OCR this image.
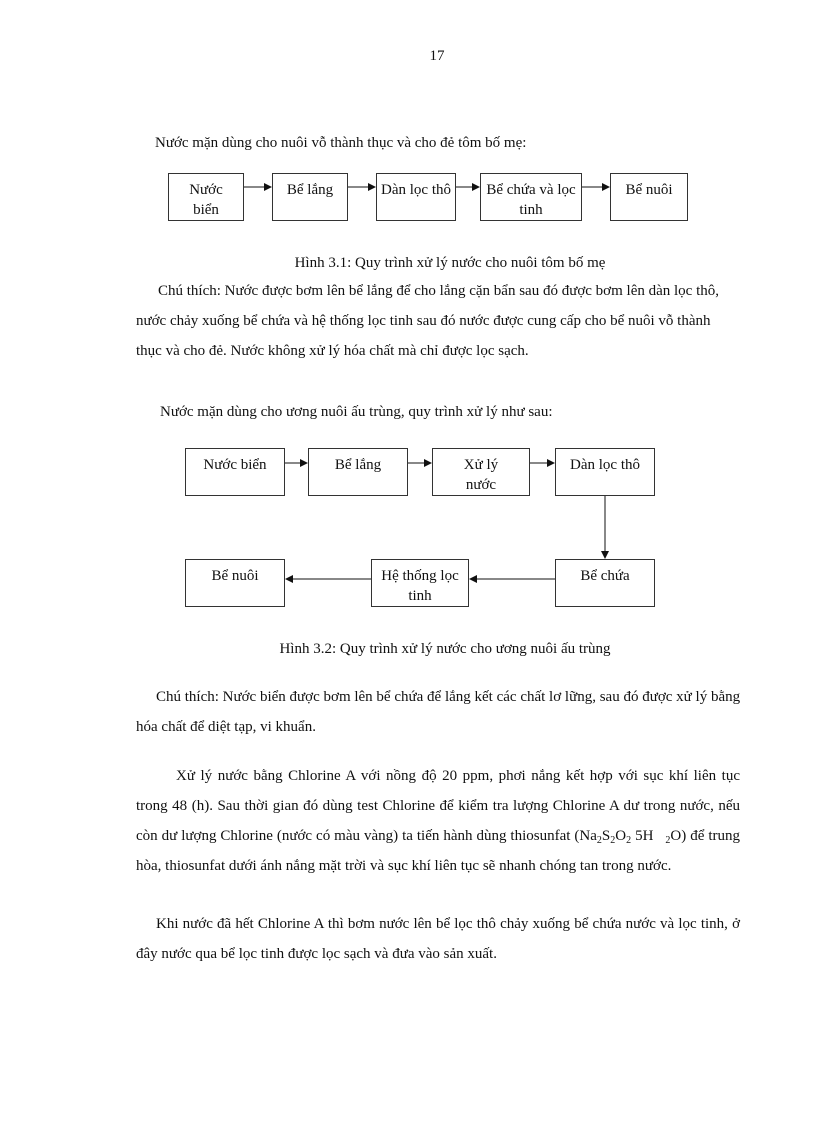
17

Nước mặn dùng cho nuôi vỗ thành thục và cho đẻ tôm bố mẹ:

Nước biển
Bể lắng	Dàn lọc thô Bể chứa và lọc tinh
Bể nuôi
Hình 3.1: Quy trình xử lý nước cho nuôi tôm bố mẹ

Chú thích: Nước được bơm lên bể lắng để cho lắng cặn bẩn sau đó được bơm lên dàn lọc thô, nước chảy xuống bể chứa và hệ thống lọc tinh sau đó nước được cung cấp cho bể nuôi vỗ thành thục và cho đẻ. Nước không xử lý hóa chất mà chỉ được lọc sạch.

Nước mặn dùng cho ương nuôi ấu trùng, quy trình xử lý như sau:

Nước biển	Bể lắng	Xử lý nước
Dàn lọc thô
Bể nuôi	Hệ thống lọc tinh
Bể chứa
Hình 3.2: Quy trình xử lý nước cho ương nuôi ấu trùng

Chú thích: Nước biển được bơm lên bể chứa để lắng kết các chất lơ lững, sau đó được xử lý bằng hóa chất để diệt tạp, vi khuẩn.

Xử lý nước bằng Chlorine A với nồng độ 20 ppm, phơi nắng kết hợp với sục khí liên tục trong 48 (h). Sau thời gian đó dùng test Chlorine để kiểm tra lượng Chlorine A dư trong nước, nếu còn dư lượng Chlorine (nước có màu vàng) ta tiến hành dùng thiosunfat ($Na_2S_2O_2$ 5H $_2$O) để trung hòa, thiosunfat dưới ánh nắng mặt trời và sục khí liên tục sẽ nhanh chóng tan trong nước.

Khi nước đã hết Chlorine A thì bơm nước lên bể lọc thô chảy xuống bể chứa nước và lọc tinh, ở đây nước qua bể lọc tinh được lọc sạch và đưa vào sản xuất.
